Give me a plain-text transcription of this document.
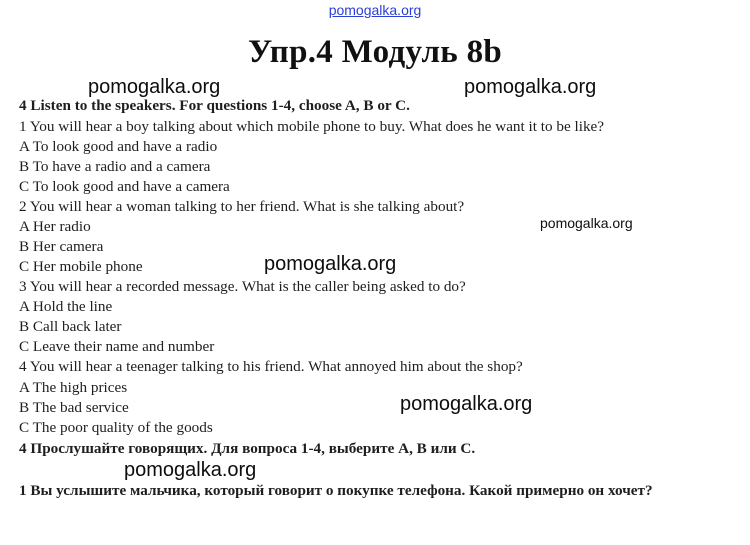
pomogalka.org
Упр.4 Модуль 8b
4 Listen to the speakers. For questions 1-4, choose A, B or C.
1 You will hear a boy talking about which mobile phone to buy. What does he want it to be like?
A To look good and have a radio
B To have a radio and a camera
C To look good and have a camera
2 You will hear a woman talking to her friend. What is she talking about?
A Her radio
B Her camera
C Her mobile phone
3 You will hear a recorded message. What is the caller being asked to do?
A Hold the line
B Call back later
C Leave their name and number
4 You will hear a teenager talking to his friend. What annoyed him about the shop?
A The high prices
B The bad service
C The poor quality of the goods
4 Прослушайте говорящих. Для вопроса 1-4, выберите А, В или С.
1 Вы услышите мальчика, который говорит о покупке телефона. Какой примерно он хочет?
pomogalka.org	pomogalka.org
pomogalka.org
pomogalka.org
pomogalka.org
pomogalka.org
